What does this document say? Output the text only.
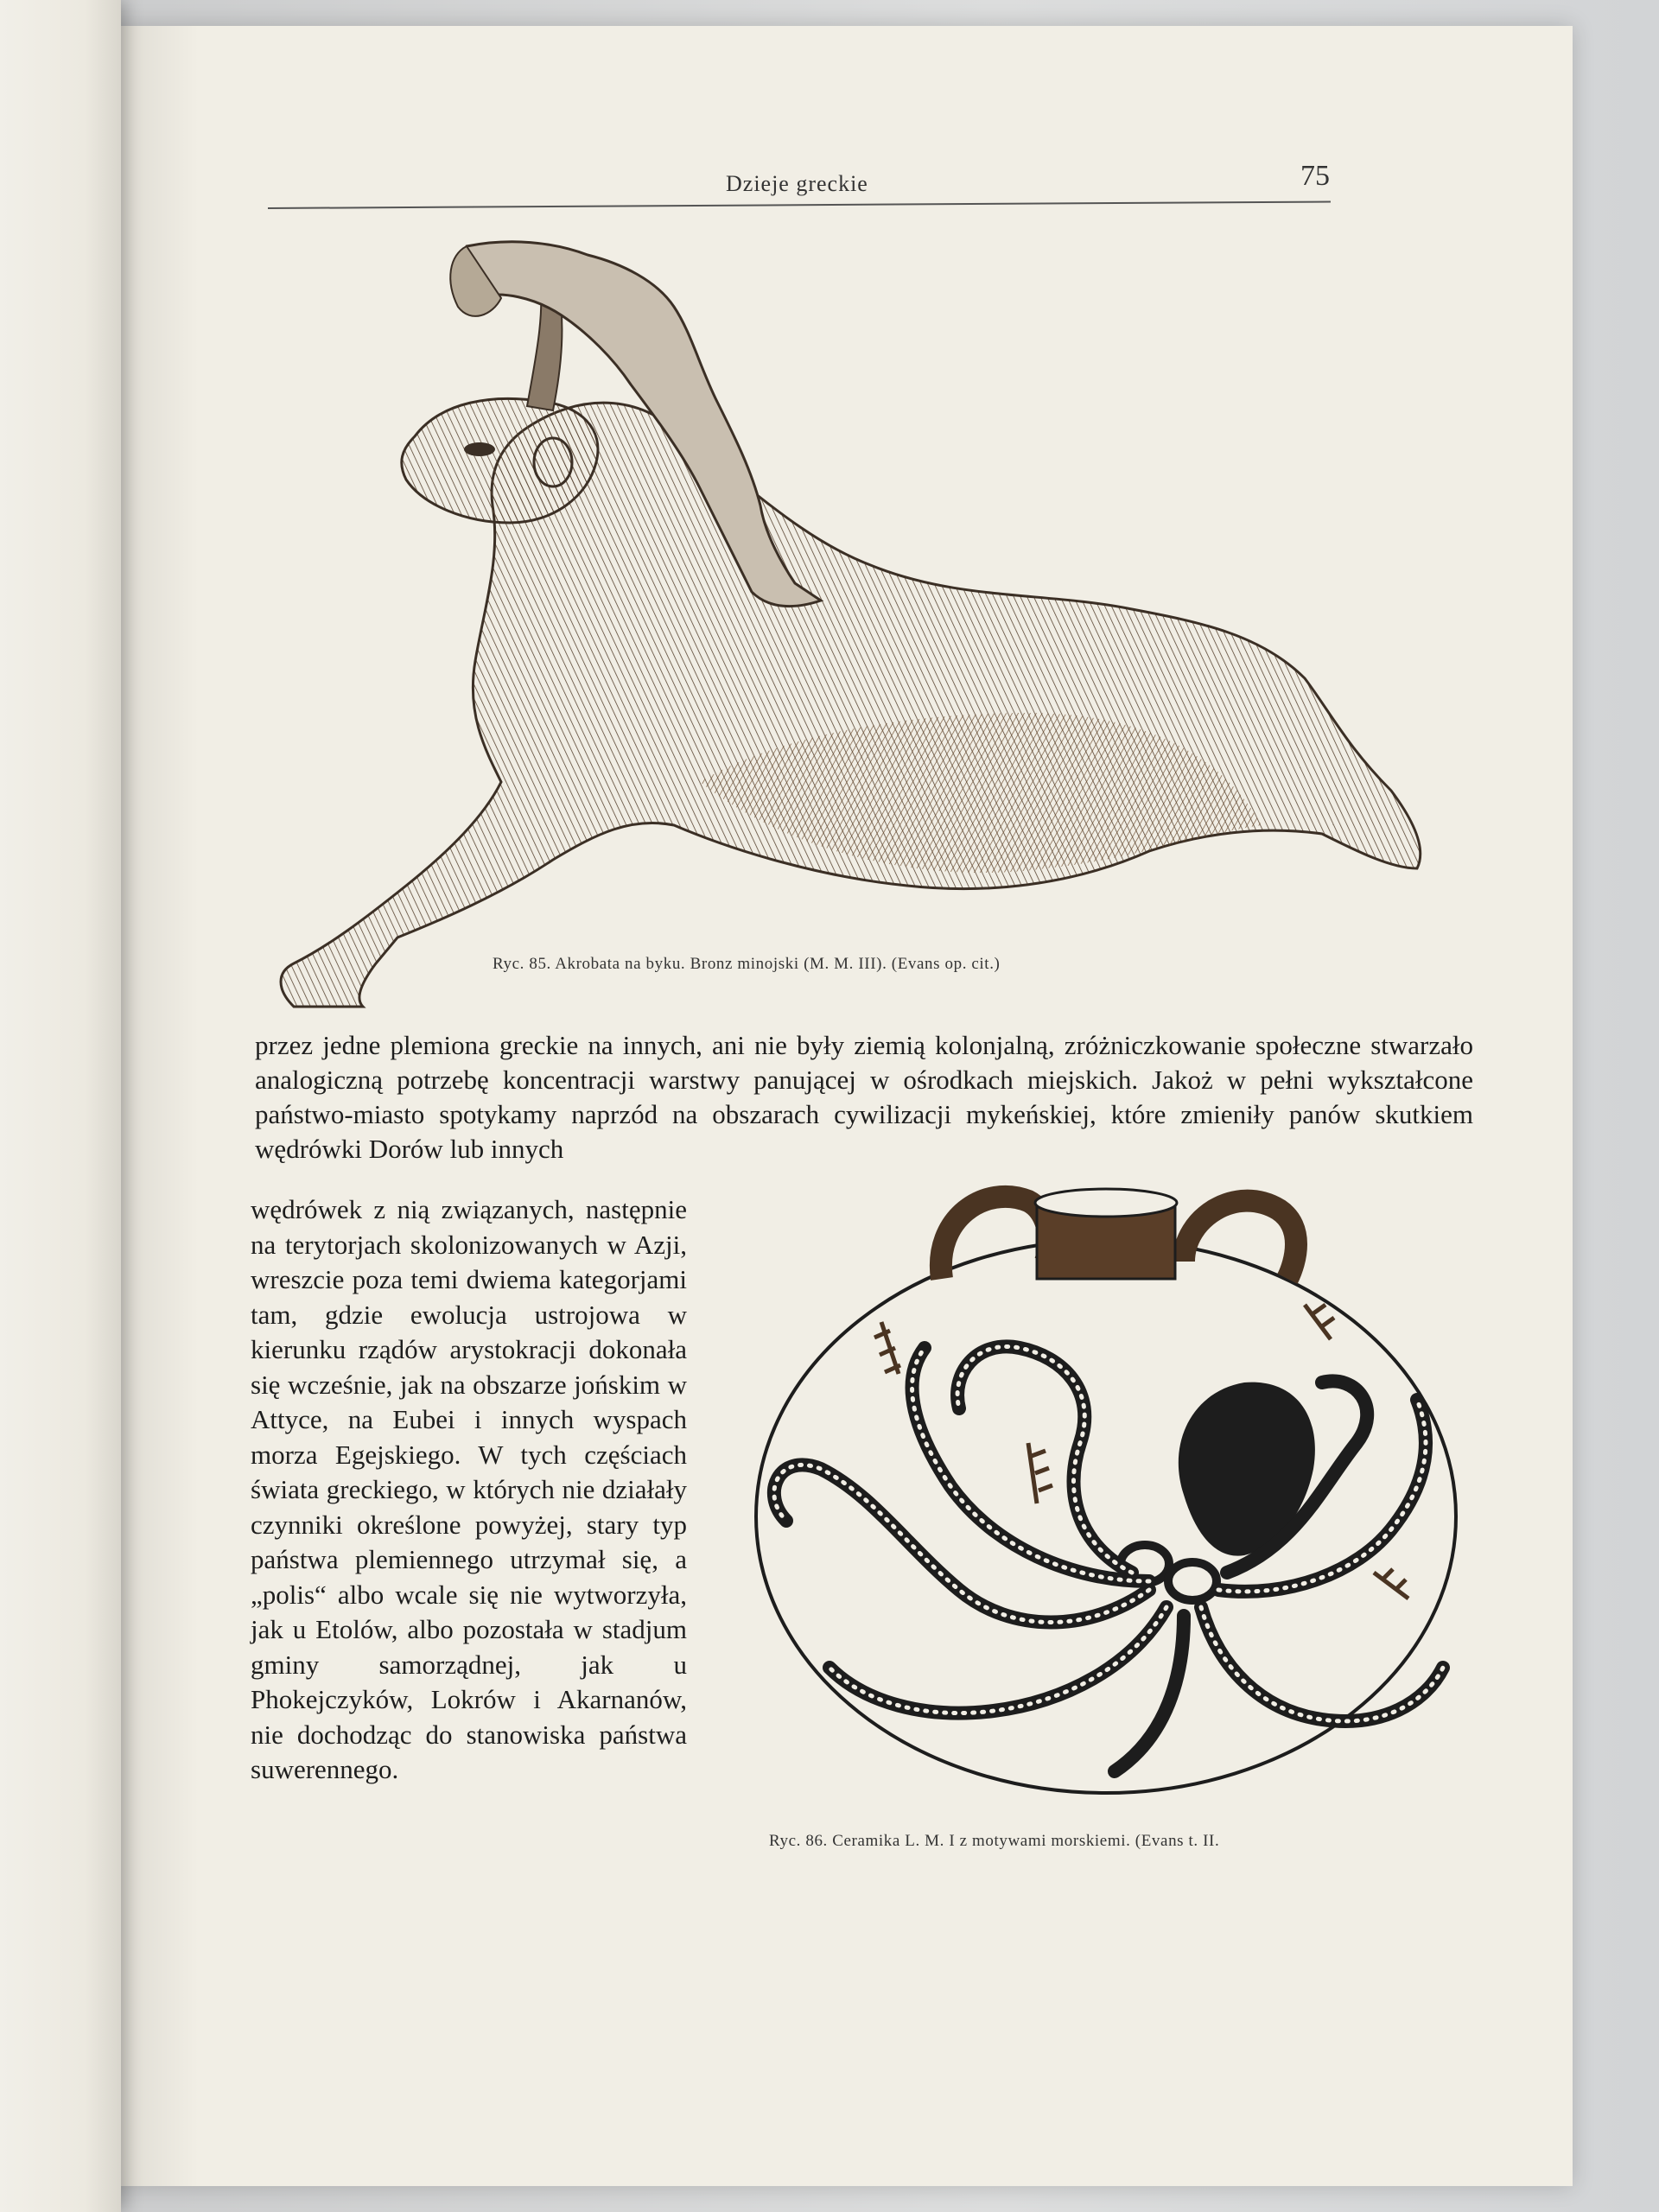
Dzieje greckie	75
Ryc. 85. Akrobata na byku. Bronz minojski (M. M. III). (Evans op. cit.)
przez jedne plemiona greckie na innych, ani nie były ziemią kolonjalną, zróżniczkowanie społeczne stwarzało analogiczną potrzebę koncentracji warstwy panującej w ośrodkach miejskich. Jakoż w pełni wykształcone państwo-miasto spotykamy naprzód na obszarach cywilizacji mykeńskiej, które zmieniły panów skutkiem wędrówki Dorów lub innych
wędrówek z nią związanych, następnie na terytorjach skolonizowanych w Azji, wreszcie poza temi dwiema kategorjami tam, gdzie ewolucja ustrojowa w kierunku rządów arystokracji dokonała się wcześnie, jak na obszarze jońskim w Attyce, na Eubei i innych wyspach morza Egejskiego. W tych częściach świata greckiego, w których nie działały czynniki określone powyżej, stary typ państwa plemiennego utrzymał się, a „polis“ albo wcale się nie wytworzyła, jak u Etolów, albo pozostała w stadjum gminy samorządnej, jak u Phokejczyków, Lokrów i Akarnanów, nie dochodząc do stanowiska państwa suwerennego.
Ryc. 86. Ceramika L. M. I z motywami morskiemi. (Evans t. II.
